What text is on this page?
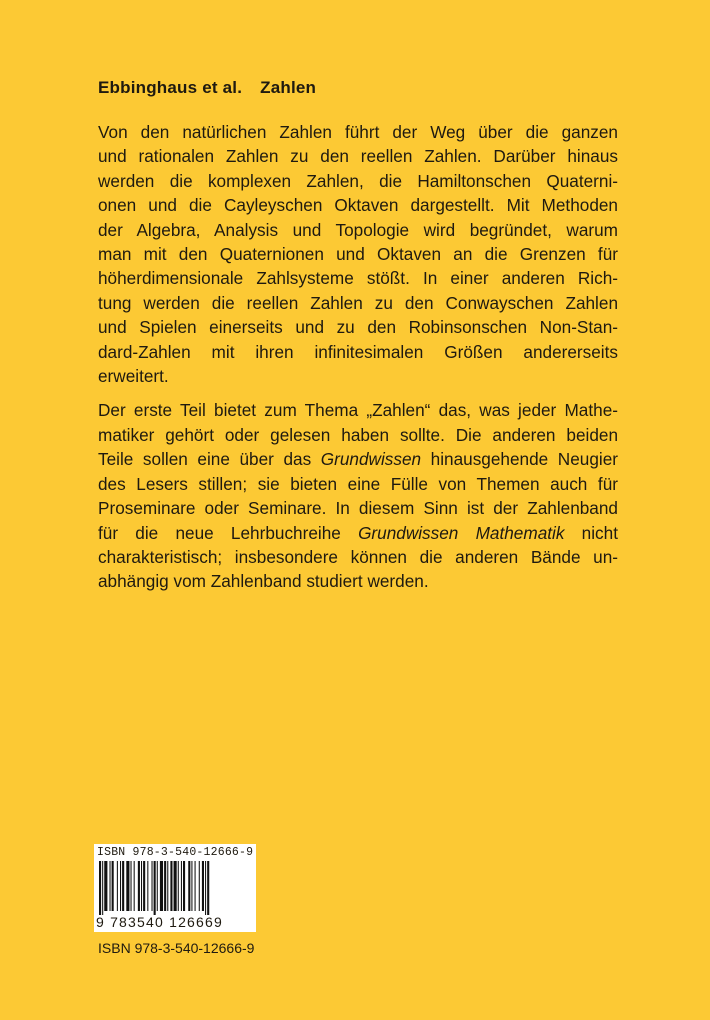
Ebbinghaus et al. Zahlen

Von den natürlichen Zahlen führt der Weg über die ganzen
und rationalen Zahlen zu den reellen Zahlen. Darüber hinaus
werden die komplexen Zahlen, die Hamiltonschen Quaterni-
onen und die Cayleyschen Oktaven dargestellt. Mit Methoden
der Algebra, Analysis und Topologie wird begründet, warum
man mit den Quaternionen und Oktaven an die Grenzen für
höherdimensionale Zahlsysteme stößt. In einer anderen Rich-
tung werden die reellen Zahlen zu den Conwayschen Zahlen
und Spielen einerseits und zu den Robinsonschen Non-Stan-
dard-Zahlen mit ihren infinitesimalen Größen andererseits
erweitert.

Der erste Teil bietet zum Thema „Zahlen“ das, was jeder Mathe-
matiker gehört oder gelesen haben sollte. Die anderen beiden
Teile sollen eine über das Grundwissen hinausgehende Neugier
des Lesers stillen; sie bieten eine Fülle von Themen auch für
Proseminare oder Seminare. In diesem Sinn ist der Zahlenband
für die neue Lehrbuchreihe Grundwissen Mathematik nicht
charakteristisch; insbesondere können die anderen Bände un-
abhängig vom Zahlenband studiert werden.

ISBN 978-3-540-12666-9
9 783540 126669
ISBN 978-3-540-12666-9
